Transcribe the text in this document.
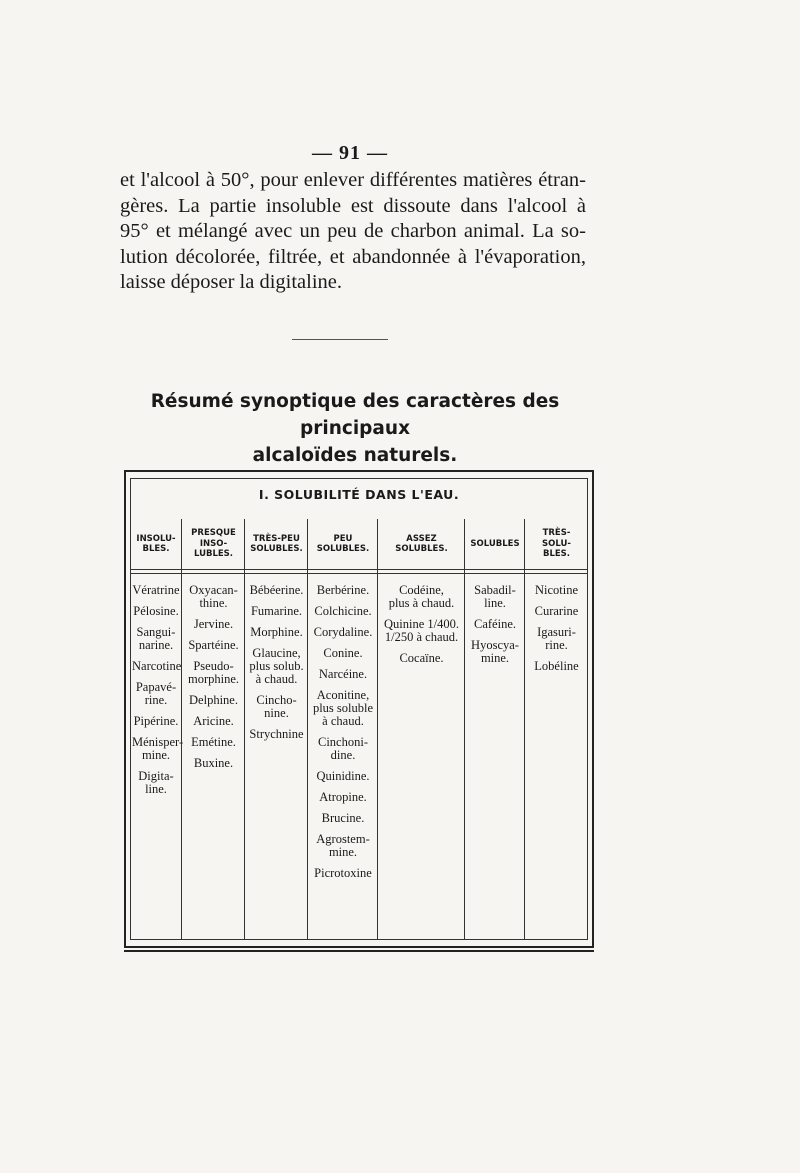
— 91 —
et l'alcool à 50°, pour enlever différentes matières étran-
gères. La partie insoluble est dissoute dans l'alcool à
95° et mélangé avec un peu de charbon animal. La so-
lution décolorée, filtrée, et abandonnée à l'évaporation,
laisse déposer la digitaline.
Résumé synoptique des caractères des principaux
alcaloïdes naturels.
I. SOLUBILITÉ DANS L'EAU.
INSOLU-
BLES.
Vératrine
Pélosine.
Sangui-
narine.
Narcotine
Papavé-
rine.
Pipérine.
Ménisper-
mine.
Digita-
line.
PRESQUE
INSO-
LUBLES.
Oxyacan-
thine.
Jervine.
Spartéine.
Pseudo-
morphine.
Delphine.
Aricine.
Emétine.
Buxine.
TRÈS-PEU
SOLUBLES.
Bébéerine.
Fumarine.
Morphine.
Glaucine,
plus solub.
à chaud.
Cincho-
nine.
Strychnine
PEU
SOLUBLES.
Berbérine.
Colchicine.
Corydaline.
Conine.
Narcéine.
Aconitine,
plus soluble
à chaud.
Cinchoni-
dine.
Quinidine.
Atropine.
Brucine.
Agrostem-
mine.
Picrotoxine
ASSEZ
SOLUBLES.
Codéine,
plus à chaud.
Quinine 1/400.
1/250 à chaud.
Cocaïne.
SOLUBLES
Sabadil-
line.
Caféine.
Hyoscya-
mine.
TRÈS-
SOLU-
BLES.
Nicotine
Curarine
Igasuri-
rine.
Lobéline
